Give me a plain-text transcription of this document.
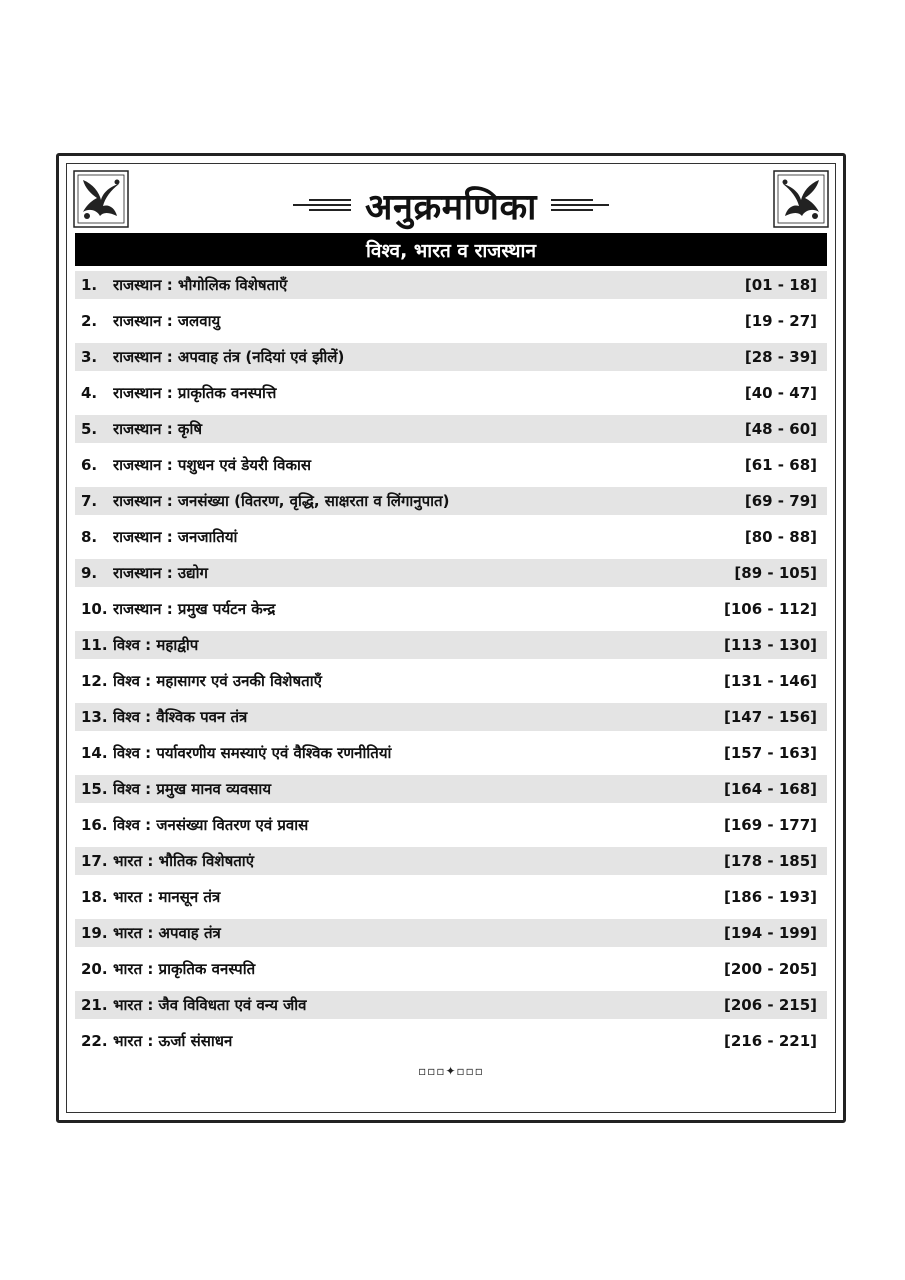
अनुक्रमणिका
विश्व, भारत व राजस्थान
1.	राजस्थान : भौगोलिक विशेषताएँ	[01 - 18]
2.	राजस्थान : जलवायु	[19 - 27]
3.	राजस्थान : अपवाह तंत्र (नदियां एवं झीलें)	[28 - 39]
4.	राजस्थान : प्राकृतिक वनस्पत्ति	[40 - 47]
5.	राजस्थान : कृषि	[48 - 60]
6.	राजस्थान : पशुधन एवं डेयरी विकास	[61 - 68]
7.	राजस्थान : जनसंख्या (वितरण, वृद्धि, साक्षरता व लिंगानुपात)	[69 - 79]
8.	राजस्थान : जनजातियां	[80 - 88]
9.	राजस्थान : उद्योग	[89 - 105]
10. राजस्थान : प्रमुख पर्यटन केन्द्र	[106 - 112]
11. विश्व : महाद्वीप	[113 - 130]
12. विश्व : महासागर एवं उनकी विशेषताएँ	[131 - 146]
13. विश्व : वैश्विक पवन तंत्र	[147 - 156]
14. विश्व : पर्यावरणीय समस्याएं एवं वैश्विक रणनीतियां	[157 - 163]
15. विश्व : प्रमुख मानव व्यवसाय	[164 - 168]
16. विश्व : जनसंख्या वितरण एवं प्रवास	[169 - 177]
17. भारत : भौतिक विशेषताएं	[178 - 185]
18. भारत : मानसून तंत्र	[186 - 193]
19. भारत : अपवाह तंत्र	[194 - 199]
20. भारत : प्राकृतिक वनस्पति	[200 - 205]
21. भारत : जैव विविधता एवं वन्य जीव	[206 - 215]
22. भारत : ऊर्जा संसाधन	[216 - 221]
▫▫▫✦▫▫▫
